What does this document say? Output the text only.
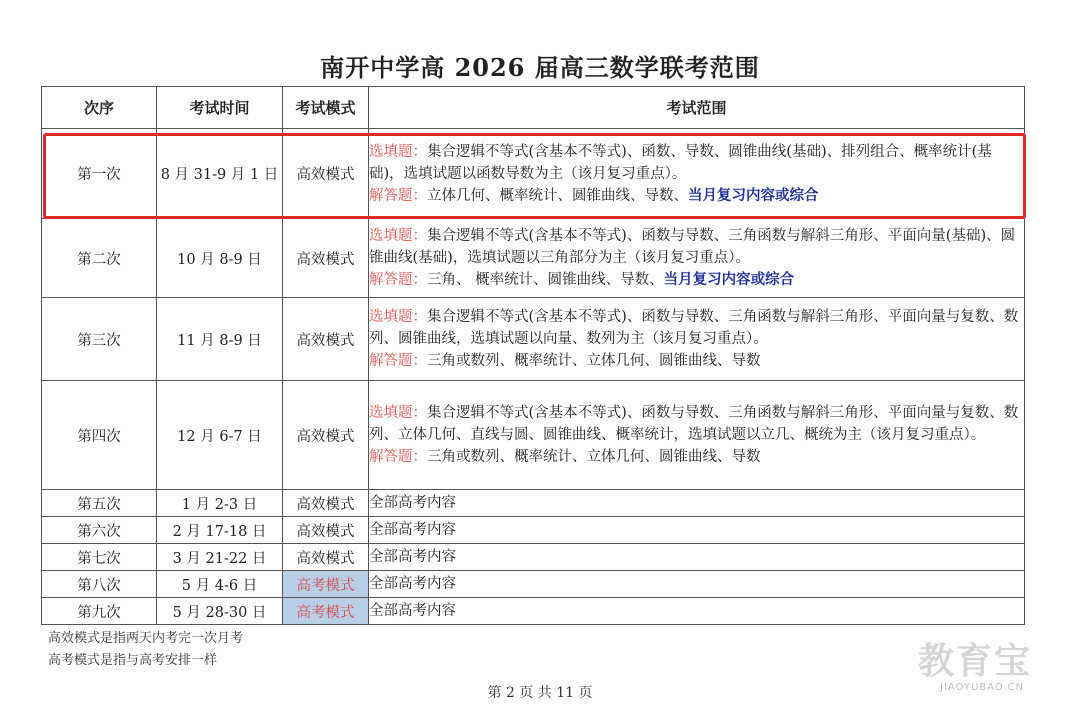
南开中学高 2026 届高三数学联考范围
次序	考试时间	考试模式	考试范围
第一次	8 月 31-9 月 1 日	高效模式	选填题：集合逻辑不等式(含基本不等式)、函数、导数、圆锥曲线(基础)、排列组合、概率统计(基础)，选填试题以函数导数为主（该月复习重点）。
解答题：立体几何、概率统计、圆锥曲线、导数、当月复习内容或综合
第二次	10 月 8-9 日	高效模式	选填题：集合逻辑不等式(含基本不等式)、函数与导数、三角函数与解斜三角形、平面向量(基础)、圆锥曲线(基础)，选填试题以三角部分为主（该月复习重点）。
解答题：三角、 概率统计、圆锥曲线、导数、当月复习内容或综合
第三次	11 月 8-9 日	高效模式	选填题：集合逻辑不等式(含基本不等式)、函数与导数、三角函数与解斜三角形、平面向量与复数、数列、圆锥曲线，选填试题以向量、数列为主（该月复习重点）。
解答题：三角或数列、概率统计、立体几何、圆锥曲线、导数
第四次	12 月 6-7 日	高效模式	选填题：集合逻辑不等式(含基本不等式)、函数与导数、三角函数与解斜三角形、平面向量与复数、数列、立体几何、直线与圆、圆锥曲线、概率统计，选填试题以立几、概统为主（该月复习重点）。
解答题：三角或数列、概率统计、立体几何、圆锥曲线、导数
第五次	1 月 2-3 日	高效模式	全部高考内容
第六次	2 月 17-18 日	高效模式	全部高考内容
第七次	3 月 21-22 日	高效模式	全部高考内容
第八次	5 月 4-6 日	高考模式	全部高考内容
第九次	5 月 28-30 日	高考模式	全部高考内容
高效模式是指两天内考完一次月考
高考模式是指与高考安排一样
第 2 页 共 11 页
教育宝
JIAOYUBAO.CN
